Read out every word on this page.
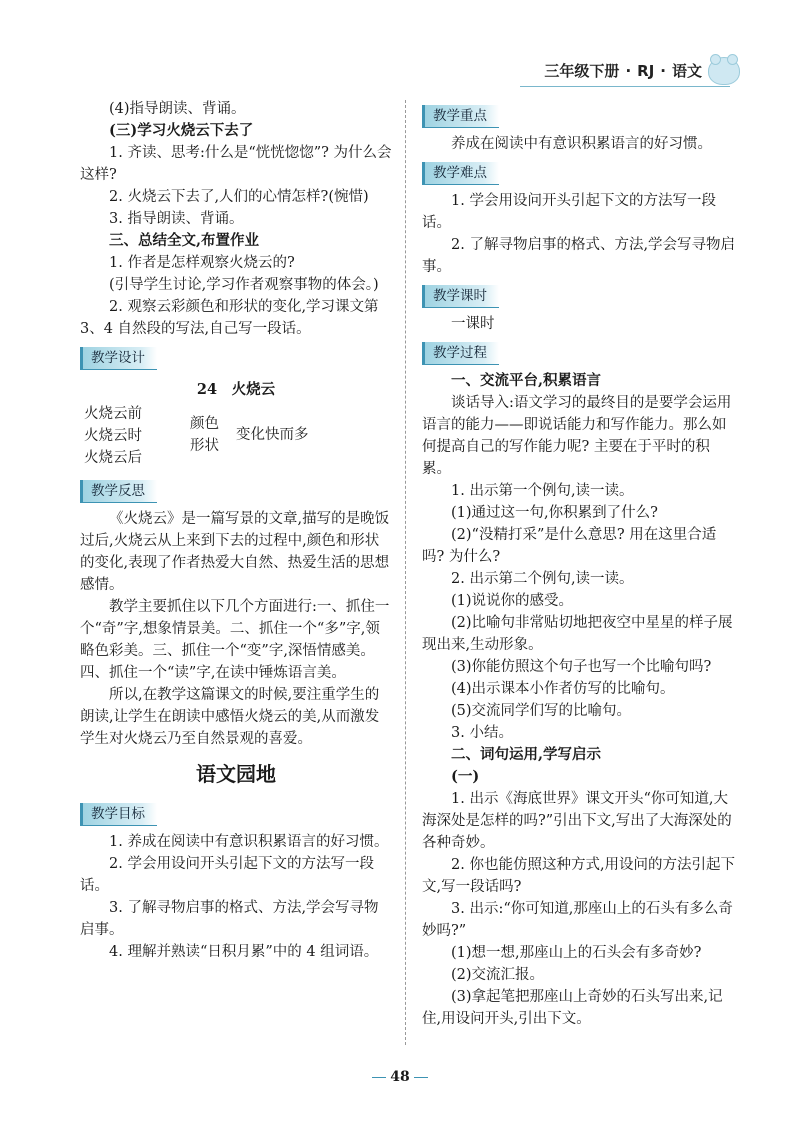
三年级下册 · RJ · 语文

(4)指导朗读、背诵。

(三)学习火烧云下去了

1. 齐读、思考:什么是“恍恍惚惚”? 为什么会这样?

2. 火烧云下去了,人们的心情怎样?(惋惜)

3. 指导朗读、背诵。

三、总结全文,布置作业

1. 作者是怎样观察火烧云的?

(引导学生讨论,学习作者观察事物的体会。)

2. 观察云彩颜色和形状的变化,学习课文第 3、4 自然段的写法,自己写一段话。

教学设计
24　火烧云
火烧云前
火烧云时
火烧云后
颜色
形状
变化快而多
教学反思

《火烧云》是一篇写景的文章,描写的是晚饭过后,火烧云从上来到下去的过程中,颜色和形状的变化,表现了作者热爱大自然、热爱生活的思想感情。

教学主要抓住以下几个方面进行:一、抓住一个“奇”字,想象情景美。二、抓住一个“多”字,领略色彩美。三、抓住一个“变”字,深悟情感美。四、抓住一个“读”字,在读中锤炼语言美。

所以,在教学这篇课文的时候,要注重学生的朗读,让学生在朗读中感悟火烧云的美,从而激发学生对火烧云乃至自然景观的喜爱。

语文园地
教学目标

1. 养成在阅读中有意识积累语言的好习惯。

2. 学会用设问开头引起下文的方法写一段话。

3. 了解寻物启事的格式、方法,学会写寻物启事。

4. 理解并熟读“日积月累”中的 4 组词语。

教学重点

养成在阅读中有意识积累语言的好习惯。

教学难点

1. 学会用设问开头引起下文的方法写一段话。

2. 了解寻物启事的格式、方法,学会写寻物启事。

教学课时

一课时

教学过程

一、交流平台,积累语言

谈话导入:语文学习的最终目的是要学会运用语言的能力——即说话能力和写作能力。那么如何提高自己的写作能力呢? 主要在于平时的积累。

1. 出示第一个例句,读一读。

(1)通过这一句,你积累到了什么?

(2)“没精打采”是什么意思? 用在这里合适吗? 为什么?

2. 出示第二个例句,读一读。

(1)说说你的感受。

(2)比喻句非常贴切地把夜空中星星的样子展现出来,生动形象。

(3)你能仿照这个句子也写一个比喻句吗?

(4)出示课本小作者仿写的比喻句。

(5)交流同学们写的比喻句。

3. 小结。

二、词句运用,学写启示

(一)

1. 出示《海底世界》课文开头“你可知道,大海深处是怎样的吗?”引出下文,写出了大海深处的各种奇妙。

2. 你也能仿照这种方式,用设问的方法引起下文,写一段话吗?

3. 出示:“你可知道,那座山上的石头有多么奇妙吗?”

(1)想一想,那座山上的石头会有多奇妙?

(2)交流汇报。

(3)拿起笔把那座山上奇妙的石头写出来,记住,用设问开头,引出下文。

48
